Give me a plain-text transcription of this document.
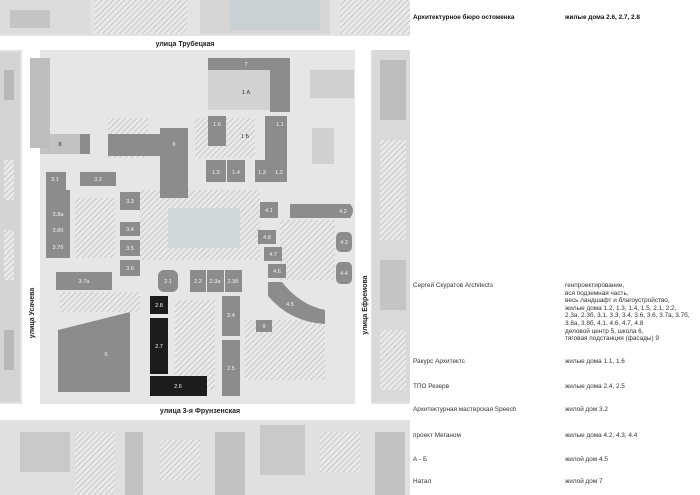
улица Трубецкая
улица 3-я Фрунзенская
улица Усачева	улица Ефремова
7
1 А
1.6
1 Б
1.1
1.5 1.4	1.3 1.2
8	6
3.1	3.2
3.3
3.8а
3.8б	3.4
3.7б	3.5
3.6
3.7а
4.1	4.2
4.8
4.3
4.7
4.6	4.4
4.5
2.1	2.2 2.3а 2.3б
2.4
2.5
2.8
2.7
2.6
9
5
Архитектурное бюро остоженка	жилые дома 2.6, 2.7, 2.8
Сергей Скуратов Architects	генпроектирование,
вся подземная часть,
весь ландшафт и благоустройство,
жилые дома 1.2, 1.3, 1.4, 1.5, 2.1, 2.2,
2.3а, 2.3б, 3.1, 3.3, 3.4, 3.6, 3.6, 3.7а, 3.7б,
3.8а, 3.8б, 4.1, 4.6, 4.7, 4.8
деловой центр 5, школа 6,
тяговая подстанция (фасады) 9
Ракурс Архитектс	жилые дома 1.1, 1.6
ТПО Резерв	жилые дома 2.4, 2.5
Архитектурная мастерская Speech	жилой дом 3.2
проект Меганом	жилые дома 4.2, 4.3, 4.4
А - Б	жилой дом 4.5
Натал	жилой дом 7
